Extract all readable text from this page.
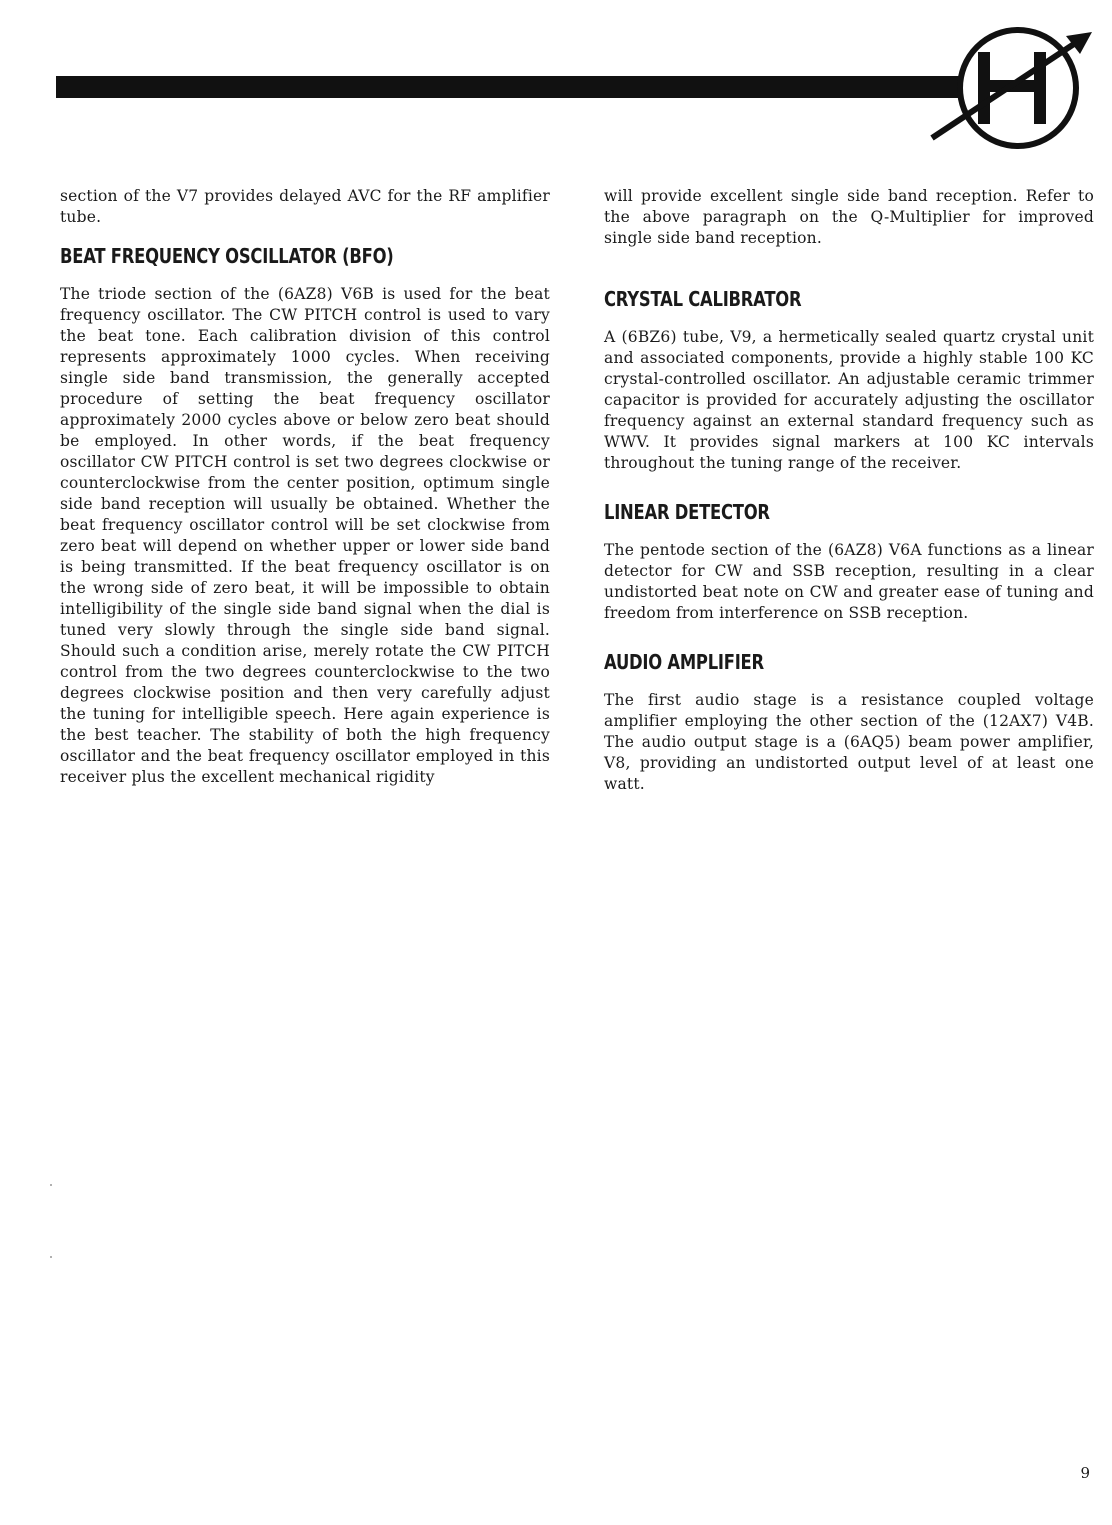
section of the V7 provides delayed AVC for the RF amplifier tube.

BEAT FREQUENCY OSCILLATOR (BFO)

The triode section of the (6AZ8) V6B is used for the beat frequency oscillator. The CW PITCH control is used to vary the beat tone. Each calibration division of this control represents approximately 1000 cycles. When receiving single side band transmission, the generally accepted procedure of setting the beat frequency oscillator approximately 2000 cycles above or below zero beat should be employed. In other words, if the beat frequency oscillator CW PITCH control is set two degrees clockwise or counterclockwise from the center position, optimum single side band reception will usually be obtained. Whether the beat frequency oscillator control will be set clockwise from zero beat will depend on whether upper or lower side band is being transmitted. If the beat frequency oscillator is on the wrong side of zero beat, it will be impossible to obtain intelligibility of the single side band signal when the dial is tuned very slowly through the single side band signal. Should such a condition arise, merely rotate the CW PITCH control from the two degrees counterclockwise to the two degrees clockwise position and then very carefully adjust the tuning for intelligible speech. Here again experience is the best teacher. The stability of both the high frequency oscillator and the beat frequency oscillator employed in this receiver plus the excellent mechanical rigidity

will provide excellent single side band reception. Refer to the above paragraph on the Q-Multiplier for improved single side band reception.

CRYSTAL CALIBRATOR

A (6BZ6) tube, V9, a hermetically sealed quartz crystal unit and associated components, provide a highly stable 100 KC crystal-controlled oscillator. An adjustable ceramic trimmer capacitor is provided for accurately adjusting the oscillator frequency against an external standard frequency such as WWV. It provides signal markers at 100 KC intervals throughout the tuning range of the receiver.

LINEAR DETECTOR

The pentode section of the (6AZ8) V6A functions as a linear detector for CW and SSB reception, resulting in a clear undistorted beat note on CW and greater ease of tuning and freedom from interference on SSB reception.

AUDIO AMPLIFIER

The first audio stage is a resistance coupled voltage amplifier employing the other section of the (12AX7) V4B. The audio output stage is a (6AQ5) beam power amplifier, V8, providing an undistorted output level of at least one watt.

9
